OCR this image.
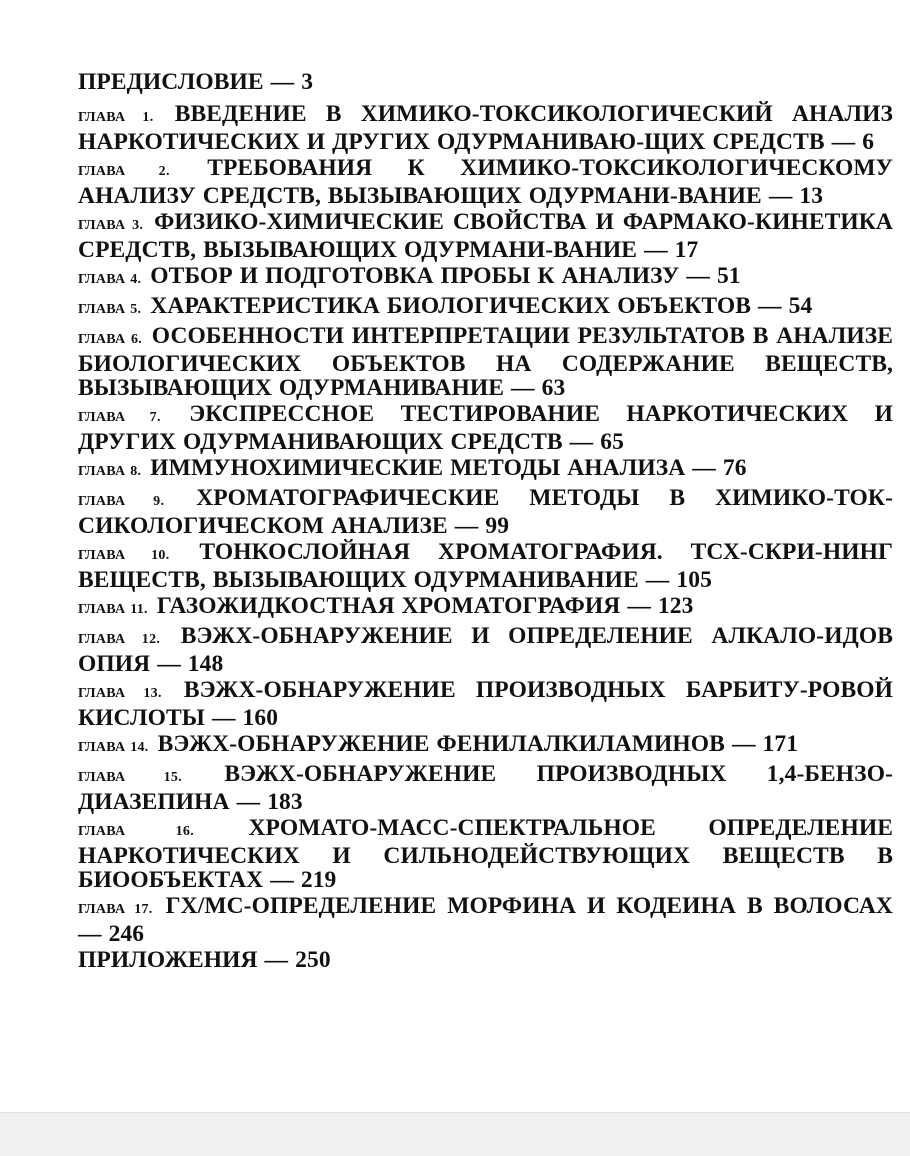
ПРЕДИСЛОВИЕ — 3
ГЛАВА 1. ВВЕДЕНИЕ В ХИМИКО-ТОКСИКОЛОГИЧЕСКИЙ АНАЛИЗ НАРКОТИЧЕСКИХ И ДРУГИХ ОДУРМАНИВАЮ-ЩИХ СРЕДСТВ — 6
ГЛАВА 2. ТРЕБОВАНИЯ К ХИМИКО-ТОКСИКОЛОГИЧЕСКОМУ АНАЛИЗУ СРЕДСТВ, ВЫЗЫВАЮЩИХ ОДУРМАНИ-ВАНИЕ — 13
ГЛАВА 3. ФИЗИКО-ХИМИЧЕСКИЕ СВОЙСТВА И ФАРМАКО-КИНЕТИКА СРЕДСТВ, ВЫЗЫВАЮЩИХ ОДУРМАНИ-ВАНИЕ — 17
ГЛАВА 4. ОТБОР И ПОДГОТОВКА ПРОБЫ К АНАЛИЗУ — 51
ГЛАВА 5. ХАРАКТЕРИСТИКА БИОЛОГИЧЕСКИХ ОБЪЕКТОВ — 54
ГЛАВА 6. ОСОБЕННОСТИ ИНТЕРПРЕТАЦИИ РЕЗУЛЬТАТОВ В АНАЛИЗЕ БИОЛОГИЧЕСКИХ ОБЪЕКТОВ НА СОДЕРЖАНИЕ ВЕЩЕСТВ, ВЫЗЫВАЮЩИХ ОДУРМАНИВАНИЕ — 63
ГЛАВА 7. ЭКСПРЕССНОЕ ТЕСТИРОВАНИЕ НАРКОТИЧЕСКИХ И ДРУГИХ ОДУРМАНИВАЮЩИХ СРЕДСТВ — 65
ГЛАВА 8. ИММУНОХИМИЧЕСКИЕ МЕТОДЫ АНАЛИЗА — 76
ГЛАВА 9. ХРОМАТОГРАФИЧЕСКИЕ МЕТОДЫ В ХИМИКО-ТОК-СИКОЛОГИЧЕСКОМ АНАЛИЗЕ — 99
ГЛАВА 10. ТОНКОСЛОЙНАЯ ХРОМАТОГРАФИЯ. ТСХ-СКРИ-НИНГ ВЕЩЕСТВ, ВЫЗЫВАЮЩИХ ОДУРМАНИВАНИЕ — 105
ГЛАВА 11. ГАЗОЖИДКОСТНАЯ ХРОМАТОГРАФИЯ — 123
ГЛАВА 12. ВЭЖХ-ОБНАРУЖЕНИЕ И ОПРЕДЕЛЕНИЕ АЛКАЛО-ИДОВ ОПИЯ — 148
ГЛАВА 13. ВЭЖХ-ОБНАРУЖЕНИЕ ПРОИЗВОДНЫХ БАРБИТУ-РОВОЙ КИСЛОТЫ — 160
ГЛАВА 14. ВЭЖХ-ОБНАРУЖЕНИЕ ФЕНИЛАЛКИЛАМИНОВ — 171
ГЛАВА 15. ВЭЖХ-ОБНАРУЖЕНИЕ ПРОИЗВОДНЫХ 1,4-БЕНЗО-ДИАЗЕПИНА — 183
ГЛАВА 16. ХРОМАТО-МАСС-СПЕКТРАЛЬНОЕ ОПРЕДЕЛЕНИЕ НАРКОТИЧЕСКИХ И СИЛЬНОДЕЙСТВУЮЩИХ ВЕЩЕСТВ В БИООБЪЕКТАХ — 219
ГЛАВА 17. ГХ/МС-ОПРЕДЕЛЕНИЕ МОРФИНА И КОДЕИНА В ВОЛОСАХ — 246
ПРИЛОЖЕНИЯ — 250
